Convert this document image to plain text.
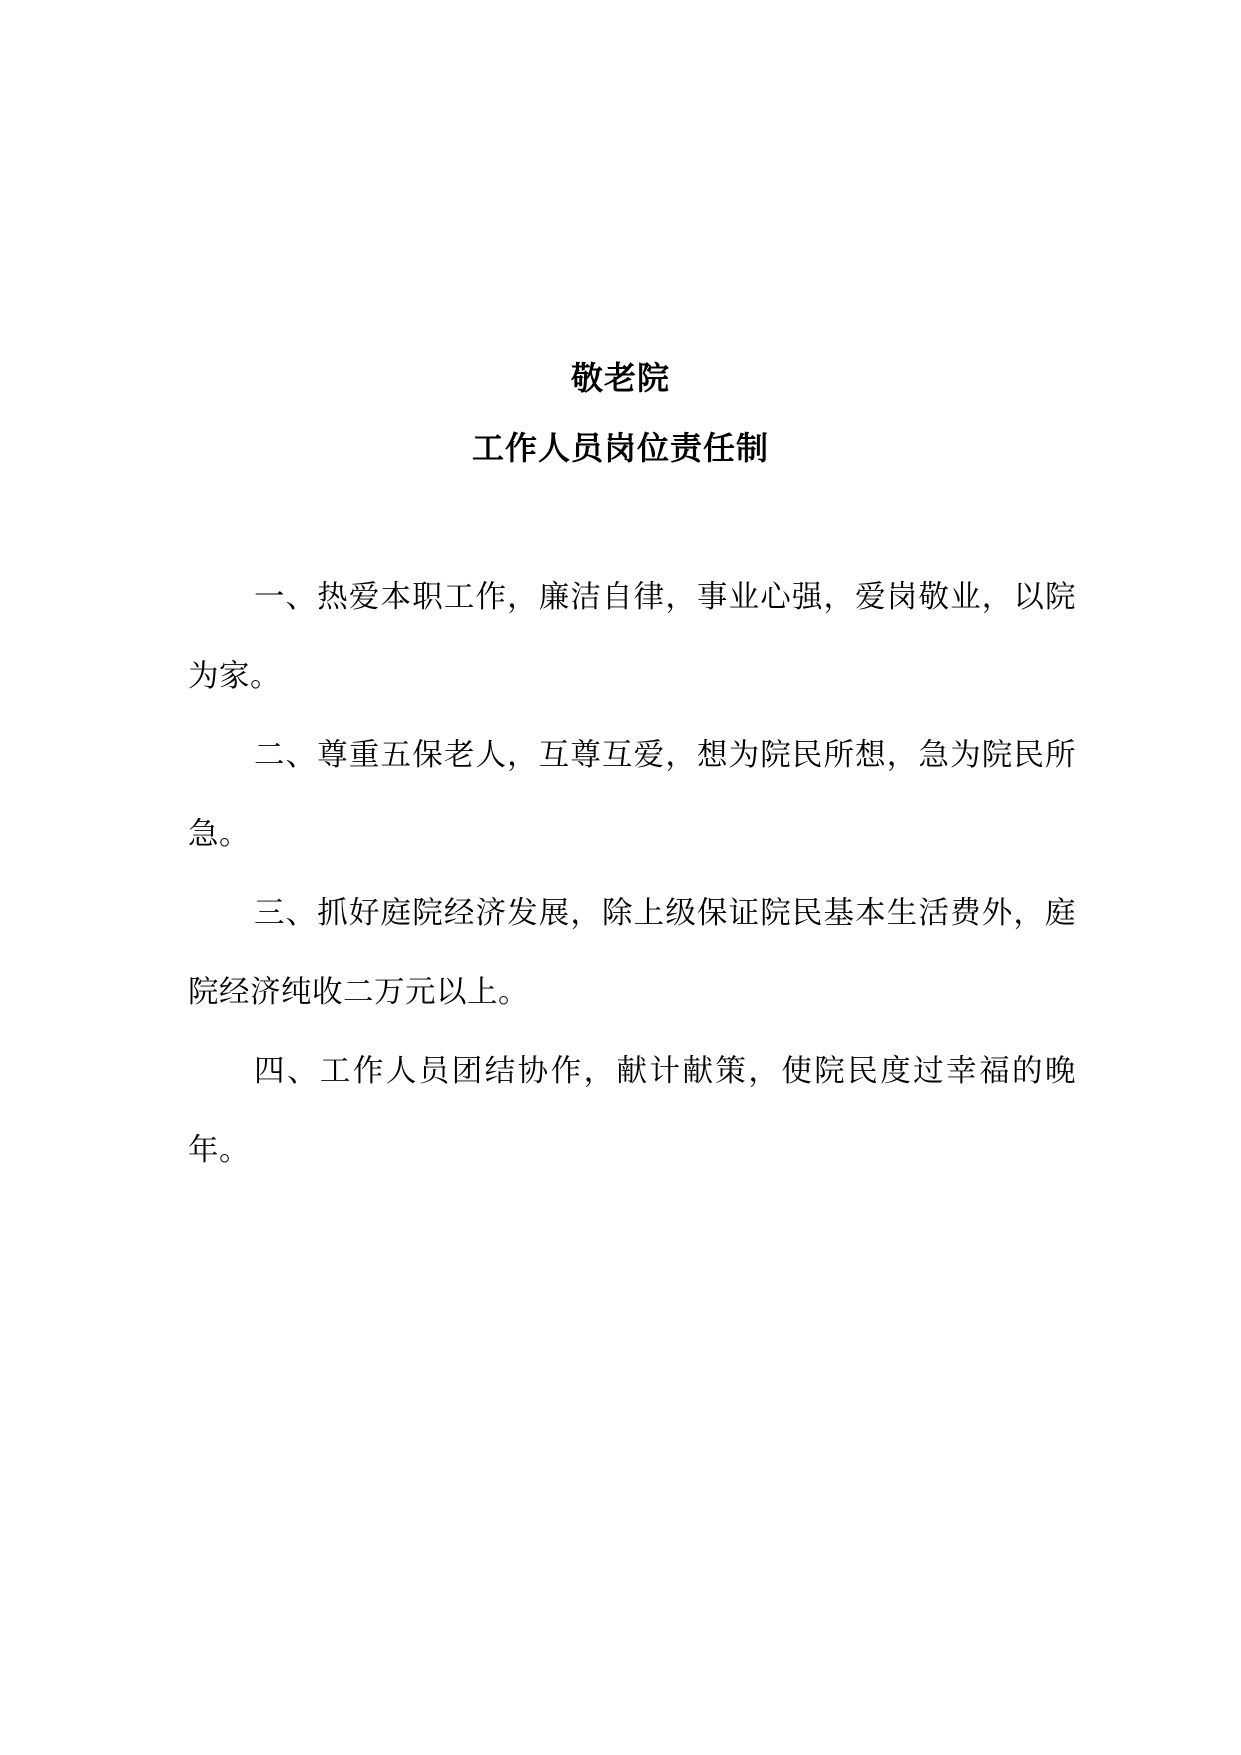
敬老院
工作人员岗位责任制

一、热爱本职工作，廉洁自律，事业心强，爱岗敬业，以院为家。

二、尊重五保老人，互尊互爱，想为院民所想，急为院民所急。

三、抓好庭院经济发展，除上级保证院民基本生活费外，庭院经济纯收二万元以上。

四、工作人员团结协作，献计献策，使院民度过幸福的晚年。
